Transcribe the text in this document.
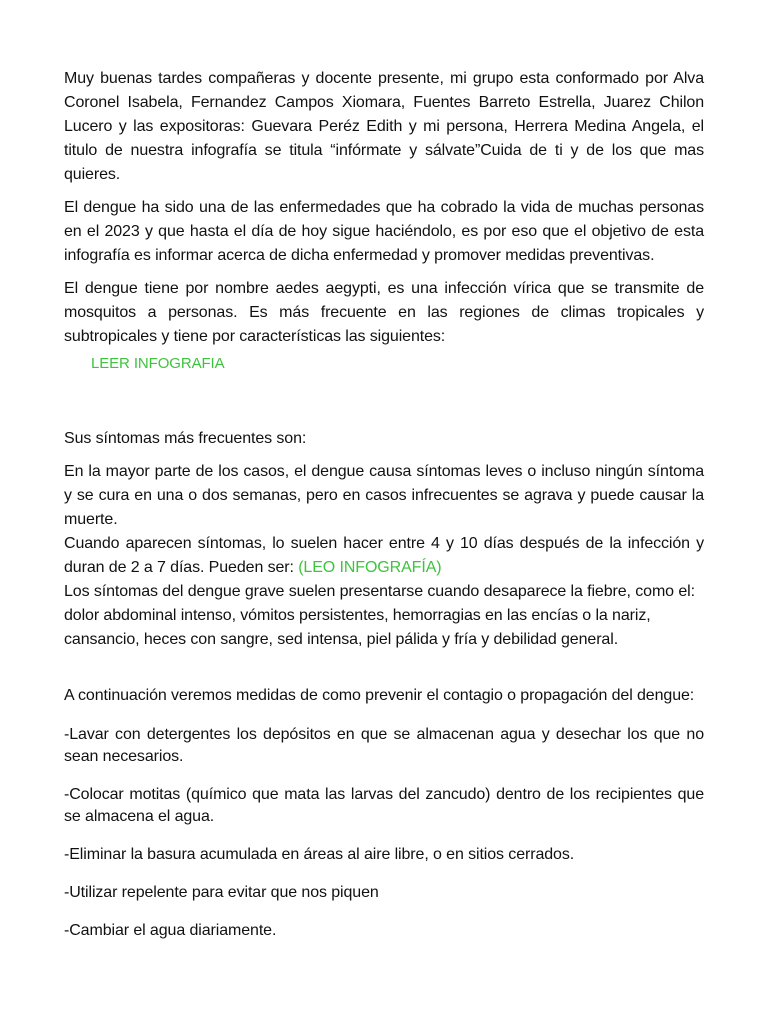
Muy buenas tardes compañeras y docente presente, mi grupo esta conformado por Alva Coronel Isabela, Fernandez Campos Xiomara, Fuentes Barreto Estrella, Juarez Chilon Lucero y las expositoras: Guevara Peréz Edith y mi persona, Herrera Medina Angela, el titulo de nuestra infografía se titula “infórmate y sálvate”Cuida de ti y de los que mas quieres.

El dengue ha sido una de las enfermedades que ha cobrado la vida de muchas personas en el 2023 y que hasta el día de hoy sigue haciéndolo, es por eso que el objetivo de esta infografía es informar acerca de dicha enfermedad y promover medidas preventivas.

El dengue tiene por nombre aedes aegypti, es una infección vírica que se transmite de mosquitos a personas. Es más frecuente en las regiones de climas tropicales y subtropicales y tiene por características las siguientes:

LEER INFOGRAFIA

Sus síntomas más frecuentes son:

En la mayor parte de los casos, el dengue causa síntomas leves o incluso ningún síntoma y se cura en una o dos semanas, pero en casos infrecuentes se agrava y puede causar la muerte.

Cuando aparecen síntomas, lo suelen hacer entre 4 y 10 días después de la infección y duran de 2 a 7 días. Pueden ser: (LEO INFOGRAFÍA)

Los síntomas del dengue grave suelen presentarse cuando desaparece la fiebre, como el: dolor abdominal intenso, vómitos persistentes, hemorragias en las encías o la nariz, cansancio, heces con sangre, sed intensa, piel pálida y fría y debilidad general.

A continuación veremos medidas de como prevenir el contagio o propagación del dengue:

-Lavar con detergentes los depósitos en que se almacenan agua y desechar los que no sean necesarios.

-Colocar motitas (químico que mata las larvas del zancudo) dentro de los recipientes que se almacena el agua.

-Eliminar la basura acumulada en áreas al aire libre, o en sitios cerrados.

-Utilizar repelente para evitar que nos piquen

-Cambiar el agua diariamente.
